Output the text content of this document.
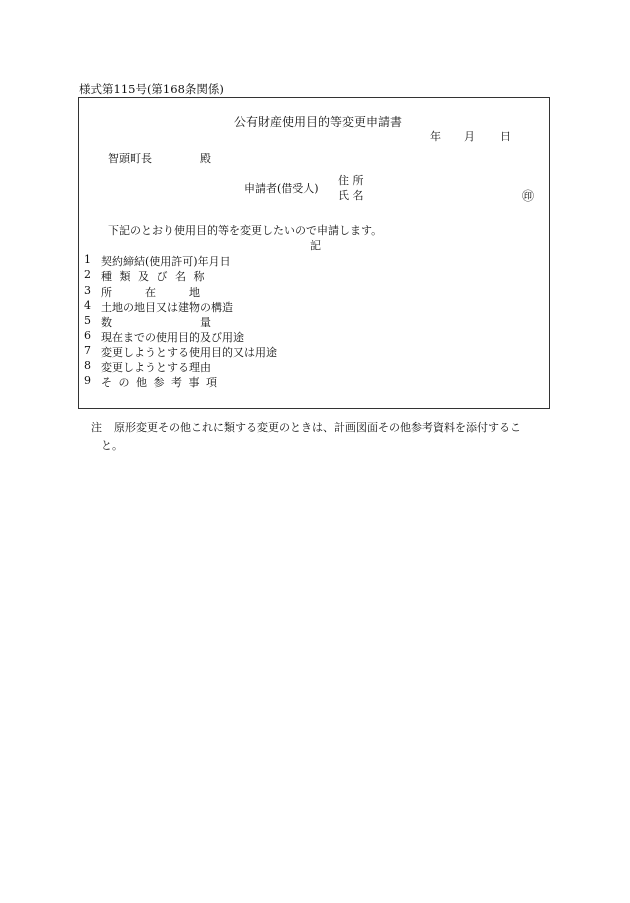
様式第115号(第168条関係)
公有財産使用目的等変更申請書
年 月 日
智頭町長	殿
申請者(借受人)
住 所
氏 名	㊞
下記のとおり使用目的等を変更したいので申請します。
記
1 契約締結(使用許可)年月日
2 種 類 及 び 名 称
3 所　　　在　　　地
4 土地の地目又は建物の構造
5 数　　　　　　　　量
6 現在までの使用目的及び用途
7 変更しようとする使用目的又は用途
8 変更しようとする理由
9 そ の 他 参 考 事 項
注 原形変更その他これに類する変更のときは、計画図面その他参考資料を添付するこ
と。
